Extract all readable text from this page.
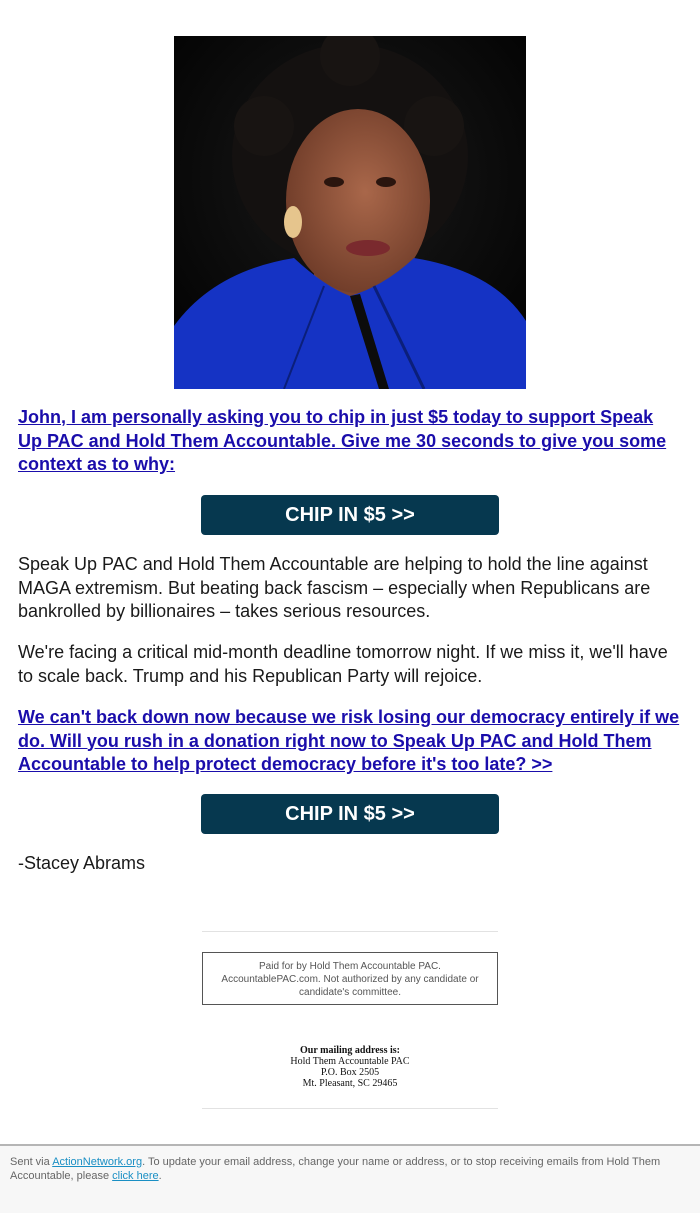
John, I am personally asking you to chip in just $5 today to support Speak Up PAC and Hold Them Accountable. Give me 30 seconds to give you some context as to why:
CHIP IN $5 >>

Speak Up PAC and Hold Them Accountable are helping to hold the line against MAGA extremism. But beating back fascism – especially when Republicans are bankrolled by billionaires – takes serious resources.

We're facing a critical mid-month deadline tomorrow night. If we miss it, we'll have to scale back. Trump and his Republican Party will rejoice.

We can't back down now because we risk losing our democracy entirely if we do. Will you rush in a donation right now to Speak Up PAC and Hold Them Accountable to help protect democracy before it's too late? >>
CHIP IN $5 >>

-Stacey Abrams

Paid for by Hold Them Accountable PAC. AccountablePAC.com. Not authorized by any candidate or candidate's committee.
Our mailing address is:
Hold Them Accountable PAC
P.O. Box 2505
Mt. Pleasant, SC 29465
Sent via ActionNetwork.org. To update your email address, change your name or address, or to stop receiving emails from Hold Them Accountable, please click here.
